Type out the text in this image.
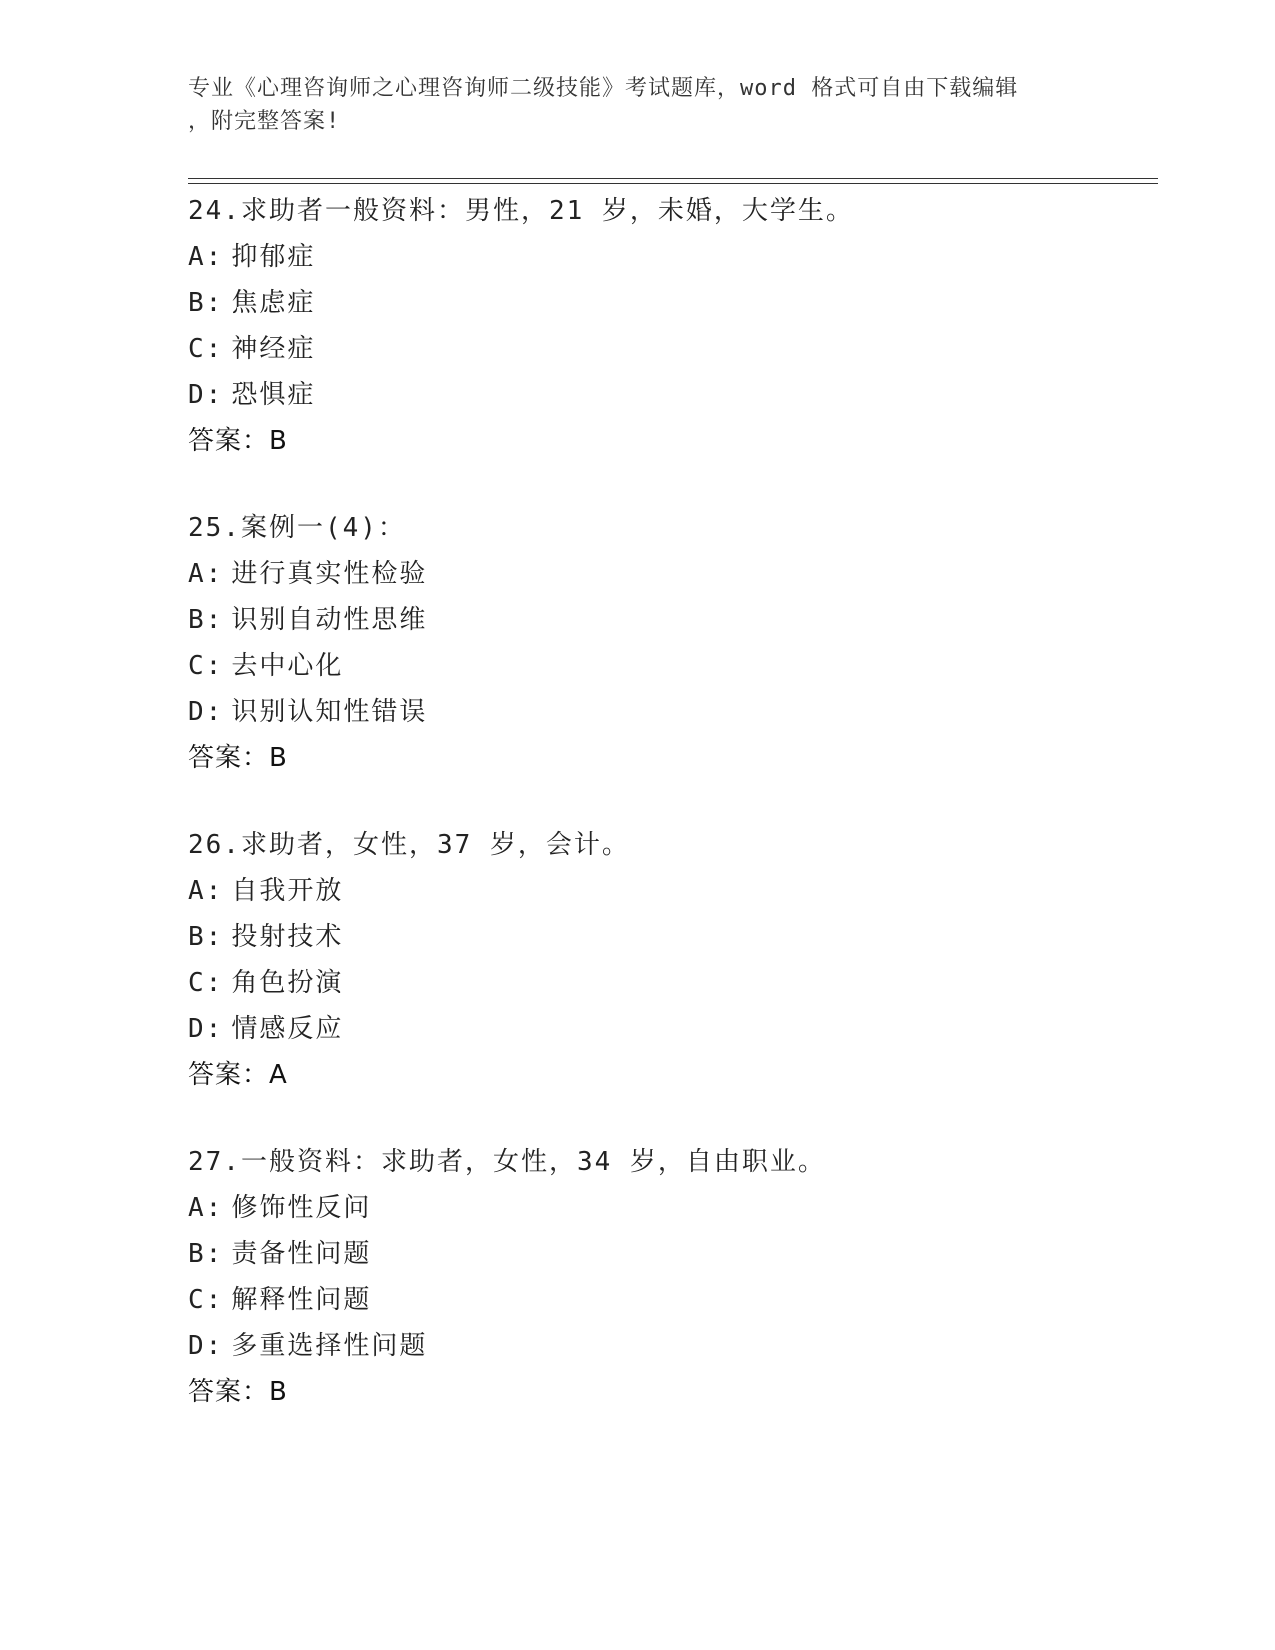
专业《心理咨询师之心理咨询师二级技能》考试题库，word 格式可自由下载编辑
，附完整答案!
24.求助者一般资料：男性，21 岁，未婚，大学生。
A: 抑郁症
B: 焦虑症
C: 神经症
D: 恐惧症
答案：B
25.案例一(4)：
A: 进行真实性检验
B: 识别自动性思维
C: 去中心化
D: 识别认知性错误
答案：B
26.求助者，女性，37 岁，会计。
A: 自我开放
B: 投射技术
C: 角色扮演
D: 情感反应
答案：A
27.一般资料：求助者，女性，34 岁，自由职业。
A: 修饰性反问
B: 责备性问题
C: 解释性问题
D: 多重选择性问题
答案：B
